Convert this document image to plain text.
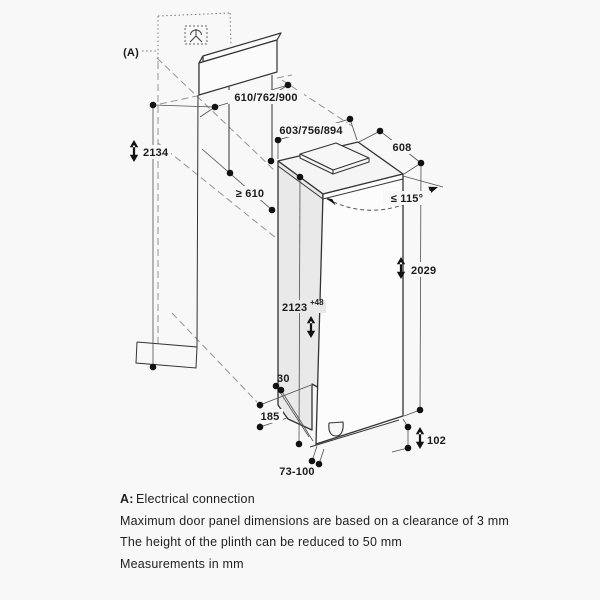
(A)
610/762/900
603/756/894
608
2134
≥ 610	≤ 115°
2029
2123 +48
30
185
73-100
102
A: Electrical connection
Maximum door panel dimensions are based on a clearance of 3 mm
The height of the plinth can be reduced to 50 mm
Measurements in mm
